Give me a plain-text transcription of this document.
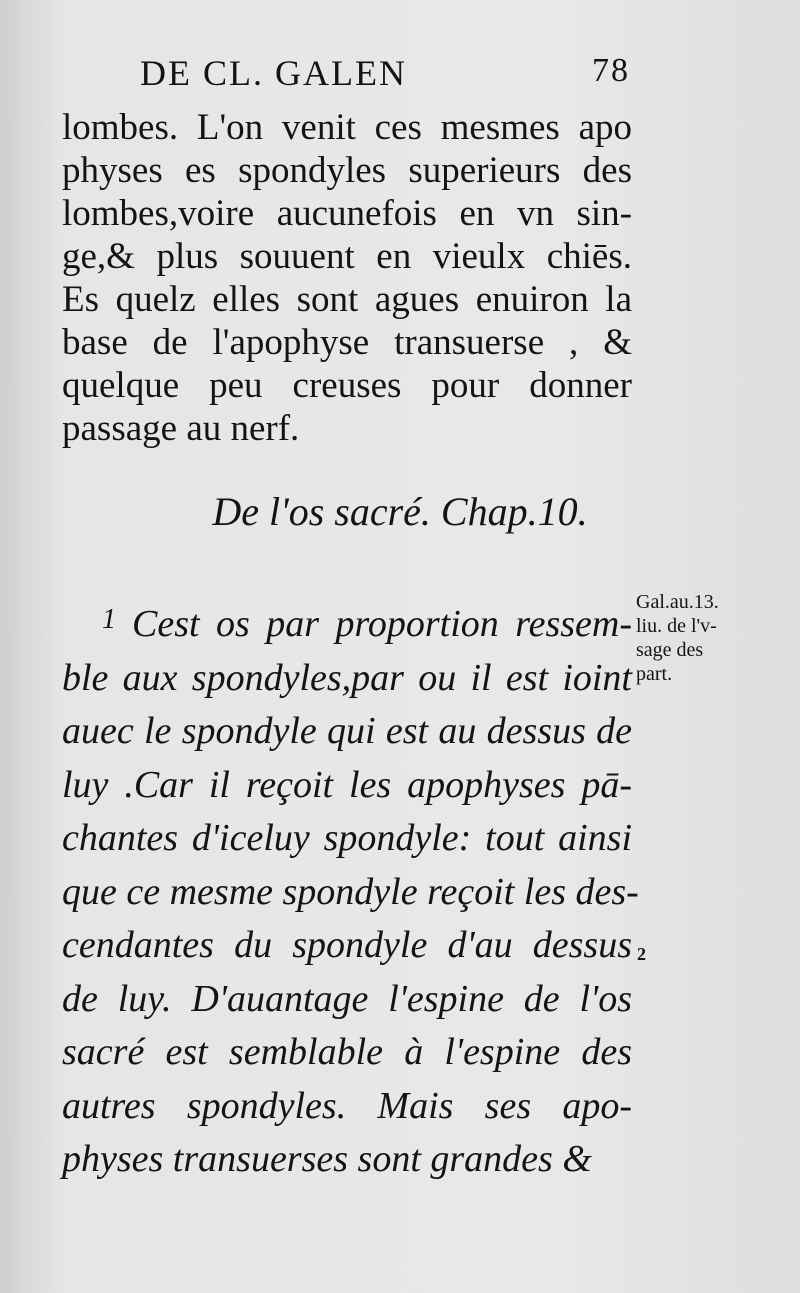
DE CL. GALEN	78
lombes. L'on venit ces mesmes apo
physes es spondyles superieurs des
lombes,voire aucunefois en vn sin-
ge,& plus souuent en vieulx chiēs.
Es quelz elles sont agues enuiron la
base de l'apophyse transuerse , &
quelque peu creuses pour donner
passage au nerf.
De l'os sacré. Chap.10.
1 Cest os par proportion ressem-
ble aux spondyles,par ou il est ioint
auec le spondyle qui est au dessus de
luy .Car il reçoit les apophyses pā-
chantes d'iceluy spondyle: tout ainsi
que ce mesme spondyle reçoit les des-
cendantes du spondyle d'au dessus
de luy. D'auantage l'espine de l'os
sacré est semblable à l'espine des
autres spondyles. Mais ses apo-
physes transuerses sont grandes &
Gal.au.13.
liu. de l'v-
sage des
part.
2
